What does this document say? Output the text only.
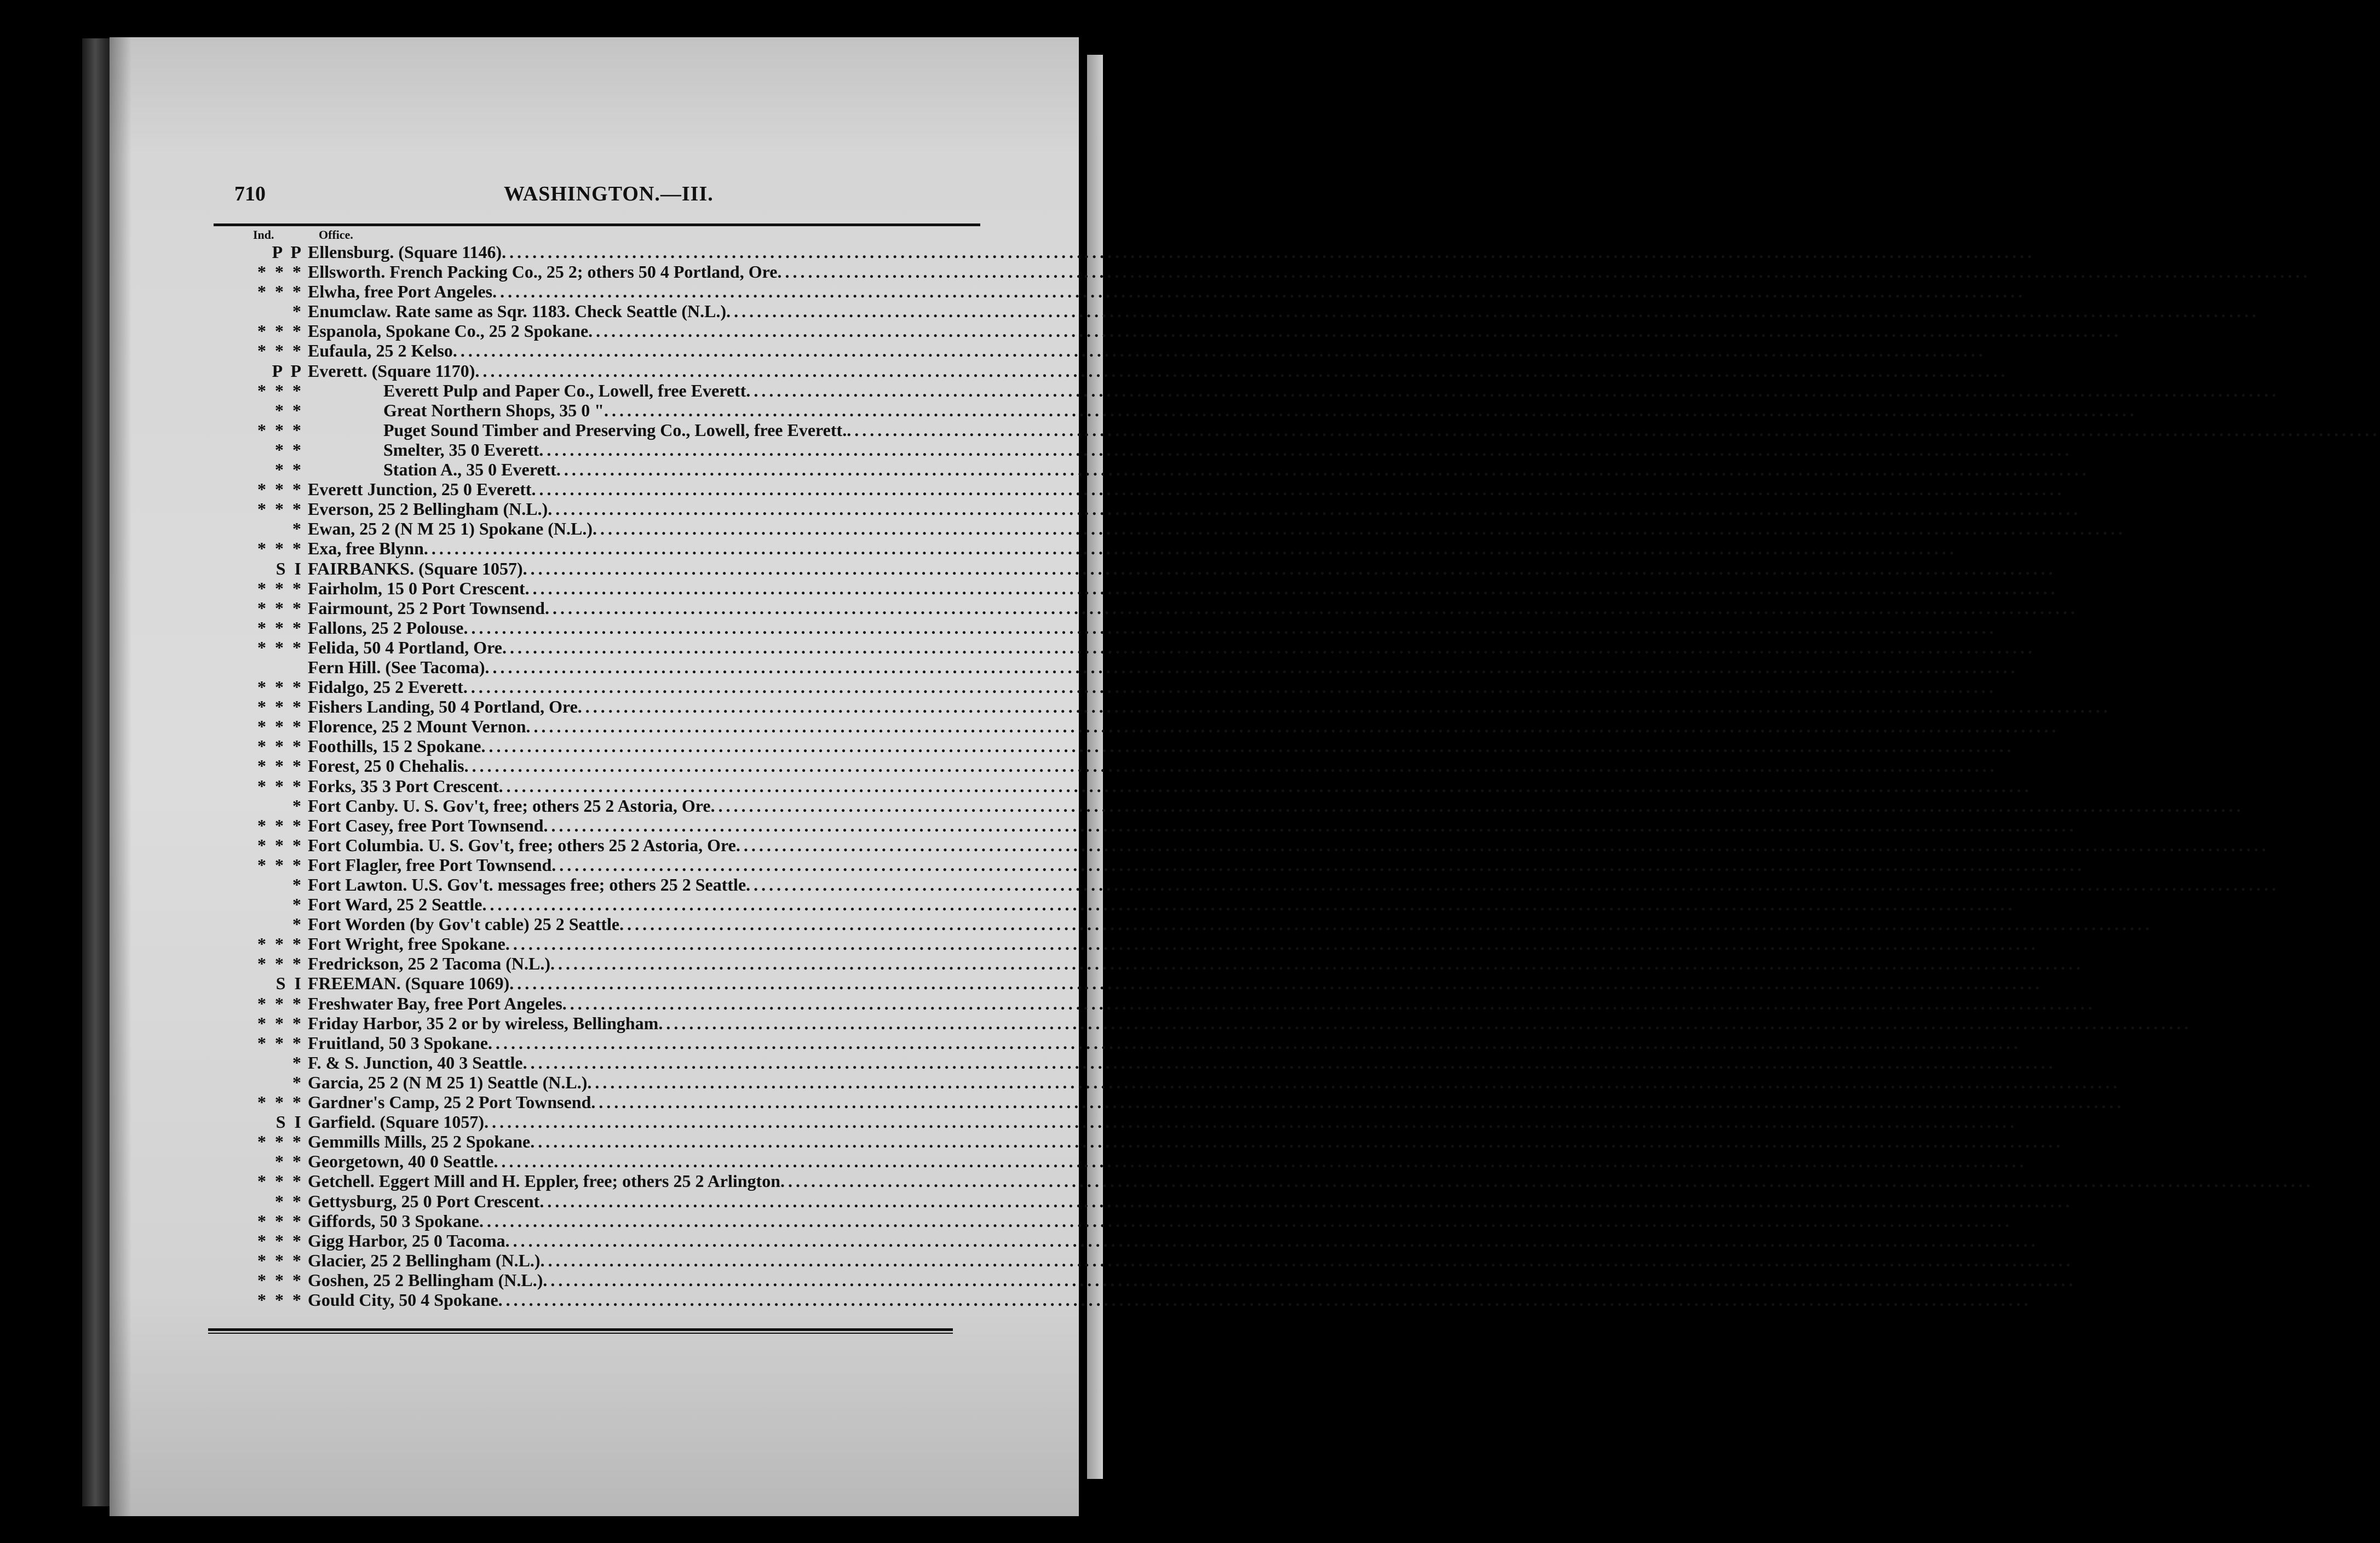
710	WASHINGTON.—III.
Ind.	Office.
P P Ellensburg. (Square 1146)........................................................................................................................................................................................................
* * * Ellsworth. French Packing Co., 25 2; others 50 4 Portland, Ore........................................................................................................................................................................................................
* * * Elwha, free Port Angeles........................................................................................................................................................................................................
* Enumclaw. Rate same as Sqr. 1183. Check Seattle (N.L.)........................................................................................................................................................................................................
* * * Espanola, Spokane Co., 25 2 Spokane........................................................................................................................................................................................................
* * * Eufaula, 25 2 Kelso........................................................................................................................................................................................................
P P Everett. (Square 1170)........................................................................................................................................................................................................
* * *	Everett Pulp and Paper Co., Lowell, free Everett........................................................................................................................................................................................................
* *	Great Northern Shops, 35 0 "........................................................................................................................................................................................................
* * *	Puget Sound Timber and Preserving Co., Lowell, free Everett.........................................................................................................................................................................................................
* *	Smelter, 35 0 Everett........................................................................................................................................................................................................
* *	Station A., 35 0 Everett........................................................................................................................................................................................................
* * * Everett Junction, 25 0 Everett........................................................................................................................................................................................................
* * * Everson, 25 2 Bellingham (N.L.)........................................................................................................................................................................................................
* Ewan, 25 2 (N M 25 1) Spokane (N.L.)........................................................................................................................................................................................................
* * * Exa, free Blynn........................................................................................................................................................................................................
S I FAIRBANKS. (Square 1057)........................................................................................................................................................................................................
* * * Fairholm, 15 0 Port Crescent........................................................................................................................................................................................................
* * * Fairmount, 25 2 Port Townsend........................................................................................................................................................................................................
* * * Fallons, 25 2 Polouse........................................................................................................................................................................................................
* * * Felida, 50 4 Portland, Ore........................................................................................................................................................................................................
Fern Hill. (See Tacoma)........................................................................................................................................................................................................
* * * Fidalgo, 25 2 Everett........................................................................................................................................................................................................
* * * Fishers Landing, 50 4 Portland, Ore........................................................................................................................................................................................................
* * * Florence, 25 2 Mount Vernon........................................................................................................................................................................................................
* * * Foothills, 15 2 Spokane........................................................................................................................................................................................................
* * * Forest, 25 0 Chehalis........................................................................................................................................................................................................
* * * Forks, 35 3 Port Crescent........................................................................................................................................................................................................
* Fort Canby. U. S. Gov't, free; others 25 2 Astoria, Ore........................................................................................................................................................................................................
* * * Fort Casey, free Port Townsend........................................................................................................................................................................................................
* * * Fort Columbia. U. S. Gov't, free; others 25 2 Astoria, Ore........................................................................................................................................................................................................
* * * Fort Flagler, free Port Townsend........................................................................................................................................................................................................
* Fort Lawton. U.S. Gov't. messages free; others 25 2 Seattle........................................................................................................................................................................................................
* Fort Ward, 25 2 Seattle........................................................................................................................................................................................................
* Fort Worden (by Gov't cable) 25 2 Seattle........................................................................................................................................................................................................
* * * Fort Wright, free Spokane........................................................................................................................................................................................................
* * * Fredrickson, 25 2 Tacoma (N.L.)........................................................................................................................................................................................................
S I FREEMAN. (Square 1069)........................................................................................................................................................................................................
* * * Freshwater Bay, free Port Angeles........................................................................................................................................................................................................
* * * Friday Harbor, 35 2 or by wireless, Bellingham........................................................................................................................................................................................................
* * * Fruitland, 50 3 Spokane........................................................................................................................................................................................................
* F. & S. Junction, 40 3 Seattle........................................................................................................................................................................................................
* Garcia, 25 2 (N M 25 1) Seattle (N.L.)........................................................................................................................................................................................................
* * * Gardner's Camp, 25 2 Port Townsend........................................................................................................................................................................................................
S I Garfield. (Square 1057)........................................................................................................................................................................................................
* * * Gemmills Mills, 25 2 Spokane........................................................................................................................................................................................................
* * Georgetown, 40 0 Seattle........................................................................................................................................................................................................
* * * Getchell. Eggert Mill and H. Eppler, free; others 25 2 Arlington........................................................................................................................................................................................................
* * Gettysburg, 25 0 Port Crescent........................................................................................................................................................................................................
* * * Giffords, 50 3 Spokane........................................................................................................................................................................................................
* * * Gigg Harbor, 25 0 Tacoma........................................................................................................................................................................................................
* * * Glacier, 25 2 Bellingham (N.L.)........................................................................................................................................................................................................
* * * Goshen, 25 2 Bellingham (N.L.)........................................................................................................................................................................................................
* * * Gould City, 50 4 Spokane........................................................................................................................................................................................................
